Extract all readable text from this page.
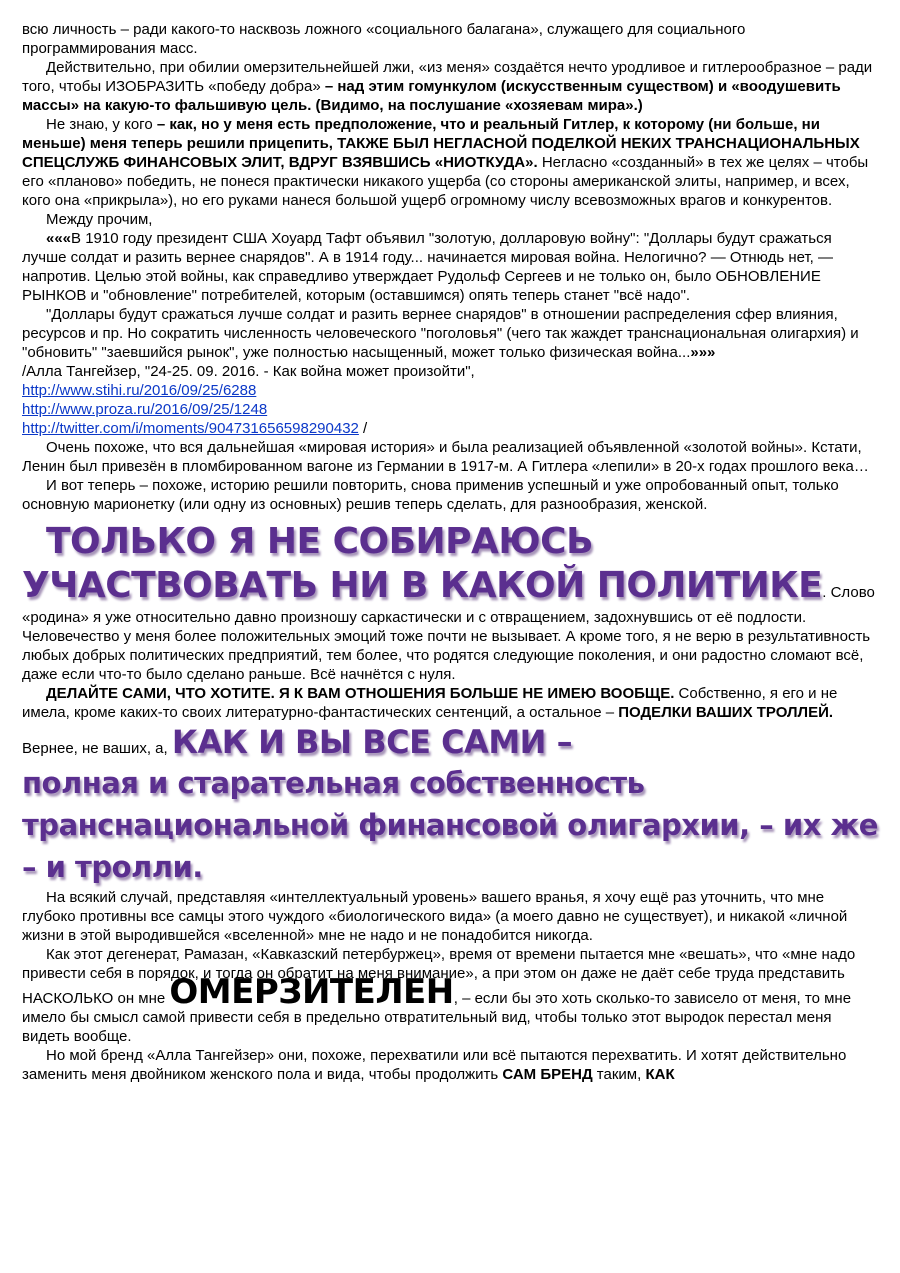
всю личность – ради какого-то насквозь ложного «социального балагана», служащего для социального программирования масс.

Действительно, при обилии омерзительнейшей лжи, «из меня» создаётся нечто уродливое и гитлерообразное – ради того, чтобы ИЗОБРАЗИТЬ «победу добра» – над этим гомункулом (искусственным существом) и «воодушевить массы» на какую-то фальшивую цель. (Видимо, на послушание «хозяевам мира».)

Не знаю, у кого – как, но у меня есть предположение, что и реальный Гитлер, к которому (ни больше, ни меньше) меня теперь решили прицепить, ТАКЖЕ БЫЛ НЕГЛАСНОЙ ПОДЕЛКОЙ НЕКИХ ТРАНСНАЦИОНАЛЬНЫХ СПЕЦСЛУЖБ ФИНАНСОВЫХ ЭЛИТ, ВДРУГ ВЗЯВШИСЬ «НИОТКУДА». Негласно «созданный» в тех же целях – чтобы его «планово» победить, не понеся практически никакого ущерба (со стороны американской элиты, например, и всех, кого она «прикрыла»), но его руками нанеся большой ущерб огромному числу всевозможных врагов и конкурентов.

Между прочим,

«««В 1910 году президент США Хоуард Тафт объявил "золотую, долларовую войну": "Доллары будут сражаться лучше солдат и разить вернее снарядов". А в 1914 году... начинается мировая война. Нелогично? — Отнюдь нет, — напротив. Целью этой войны, как справедливо утверждает Рудольф Сергеев и не только он, было ОБНОВЛЕНИЕ РЫНКОВ и "обновление" потребителей, которым (оставшимся) опять теперь станет "всё надо".

"Доллары будут сражаться лучше солдат и разить вернее снарядов" в отношении распределения сфер влияния, ресурсов и пр. Но сократить численность человеческого "поголовья" (чего так жаждет транснациональная олигархия) и "обновить" "заевшийся рынок", уже полностью насыщенный, может только физическая война...»»»

/Алла Тангейзер, "24-25. 09. 2016. - Как война может произойти",

http://www.stihi.ru/2016/09/25/6288

http://www.proza.ru/2016/09/25/1248

http://twitter.com/i/moments/904731656598290432 /

Очень похоже, что вся дальнейшая «мировая история» и была реализацией объявленной «золотой войны». Кстати, Ленин был привезён в пломбированном вагоне из Германии в 1917-м. А Гитлера «лепили» в 20-х годах прошлого века…

И вот теперь – похоже, историю решили повторить, снова применив успешный и уже опробованный опыт, только основную марионетку (или одну из основных) решив теперь сделать, для разнообразия, женской.

ТОЛЬКО Я НЕ СОБИРАЮСЬ УЧАСТВОВАТЬ НИ В КАКОЙ ПОЛИТИКЕ. Слово «родина» я уже относительно давно произношу саркастически и с отвращением, задохнувшись от её подлости. Человечество у меня более положительных эмоций тоже почти не вызывает. А кроме того, я не верю в результативность любых добрых политических предприятий, тем более, что родятся следующие поколения, и они радостно сломают всё, даже если что-то было сделано раньше. Всё начнётся с нуля.

ДЕЛАЙТЕ САМИ, ЧТО ХОТИТЕ. Я К ВАМ ОТНОШЕНИЯ БОЛЬШЕ НЕ ИМЕЮ ВООБЩЕ. Собственно, я его и не имела, кроме каких-то своих литературно-фантастических сентенций, а остальное – ПОДЕЛКИ ВАШИХ ТРОЛЛЕЙ. Вернее, не ваших, а, КАК И ВЫ ВСЕ САМИ –

полная и старательная собственность транснациональной финансовой олигархии, – их же – и тролли.

На всякий случай, представляя «интеллектуальный уровень» вашего вранья, я хочу ещё раз уточнить, что мне глубоко противны все самцы этого чуждого «биологического вида» (а моего давно не существует), и никакой «личной жизни в этой выродившейся «вселенной» мне не надо и не понадобится никогда.

Как этот дегенерат, Рамазан, «Кавказский петербуржец», время от времени пытается мне «вешать», что «мне надо привести себя в порядок, и тогда он обратит на меня внимание», а при этом он даже не даёт себе труда представить НАСКОЛЬКО он мне ОМЕРЗИТЕЛЕН, – если бы это хоть сколько-то зависело от меня, то мне имело бы смысл самой привести себя в предельно отвратительный вид, чтобы только этот выродок перестал меня видеть вообще.

Но мой бренд «Алла Тангейзер» они, похоже, перехватили или всё пытаются перехватить. И хотят действительно заменить меня двойником женского пола и вида, чтобы продолжить САМ БРЕНД таким, КАК
